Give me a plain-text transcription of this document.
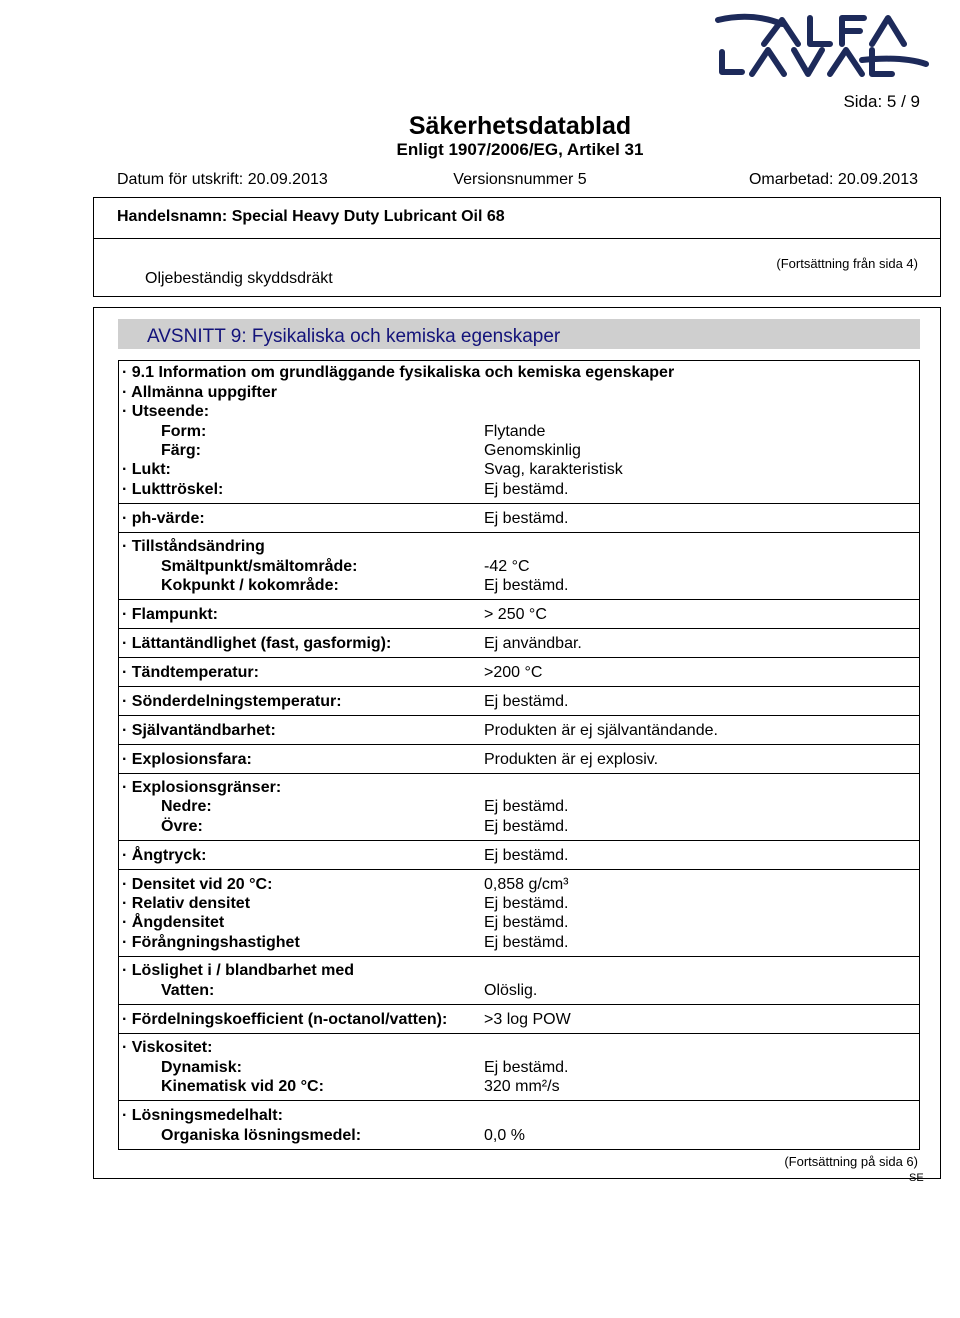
Sida: 5 / 9
Säkerhetsdatablad
Enligt 1907/2006/EG, Artikel 31
Datum för utskrift: 20.09.2013	Versionsnummer 5	Omarbetad: 20.09.2013
Handelsnamn: Special Heavy Duty Lubricant Oil 68
(Fortsättning från sida 4)
Oljebeständig skyddsdräkt
AVSNITT 9: Fysikaliska och kemiska egenskaper
· 9.1 Information om grundläggande fysikaliska och kemiska egenskaper
· Allmänna uppgifter
· Utseende:
Form:	Flytande
Färg:	Genomskinlig
· Lukt:	Svag, karakteristisk
· Lukttröskel:	Ej bestämd.
· ph-värde:	Ej bestämd.
· Tillståndsändring
Smältpunkt/smältområde:	-42 °C
Kokpunkt / kokområde:	Ej bestämd.
· Flampunkt:	> 250 °C
· Lättantändlighet (fast, gasformig):	Ej användbar.
· Tändtemperatur:	>200 °C
· Sönderdelningstemperatur:	Ej bestämd.
· Självantändbarhet:	Produkten är ej självantändande.
· Explosionsfara:	Produkten är ej explosiv.
· Explosionsgränser:
Nedre:	Ej bestämd.
Övre:	Ej bestämd.
· Ångtryck:	Ej bestämd.
· Densitet vid 20 °C:	0,858 g/cm³
· Relativ densitet	Ej bestämd.
· Ångdensitet	Ej bestämd.
· Förångningshastighet	Ej bestämd.
· Löslighet i / blandbarhet med
Vatten:	Olöslig.
· Fördelningskoefficient (n-octanol/vatten): >3 log POW
· Viskositet:
Dynamisk:	Ej bestämd.
Kinematisk vid 20 °C:	320 mm²/s
· Lösningsmedelhalt:
Organiska lösningsmedel:	0,0 %
(Fortsättning på sida 6)
SE
